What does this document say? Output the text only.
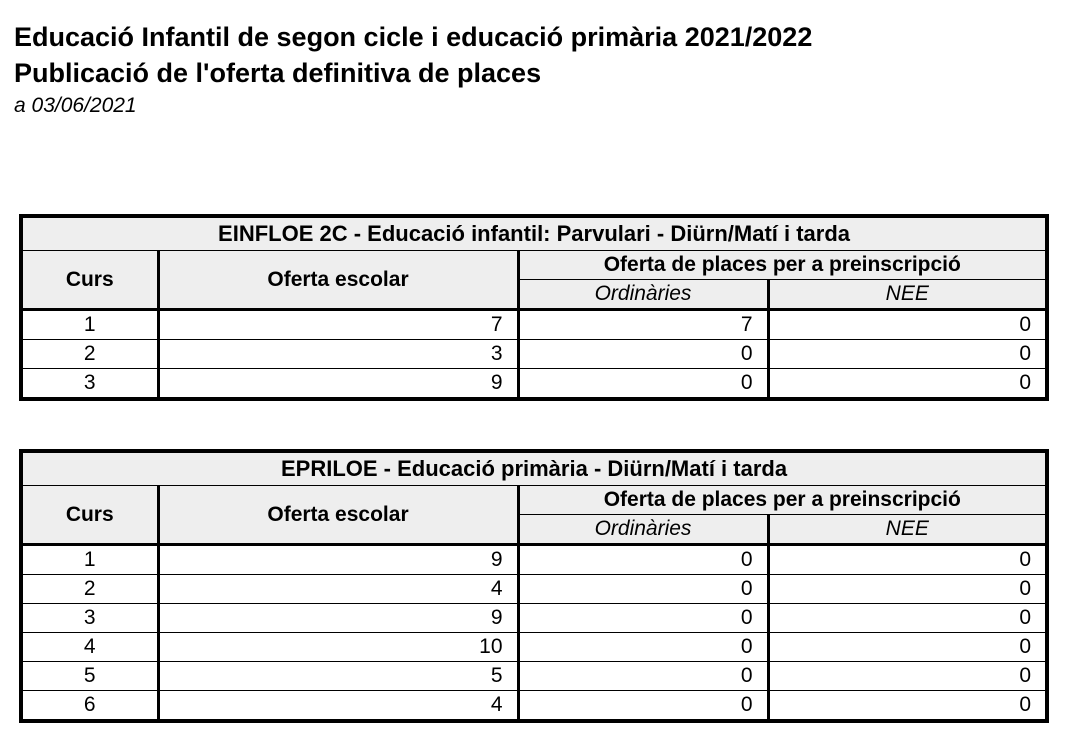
Educació Infantil de segon cicle i educació primària 2021/2022
Publicació de l'oferta definitiva de places
a 03/06/2021
EINFLOE 2C - Educació infantil: Parvulari - Diürn/Matí i tarda			
Curs	Oferta escolar	Oferta de places per a preinscripció	
		Ordinàries	NEE
1	7	7	0
2	3	0	0
3	9	0	0
EPRILOE - Educació primària - Diürn/Matí i tarda			
Curs	Oferta escolar	Oferta de places per a preinscripció	
		Ordinàries	NEE
1	9	0	0
2	4	0	0
3	9	0	0
4	10	0	0
5	5	0	0
6	4	0	0
